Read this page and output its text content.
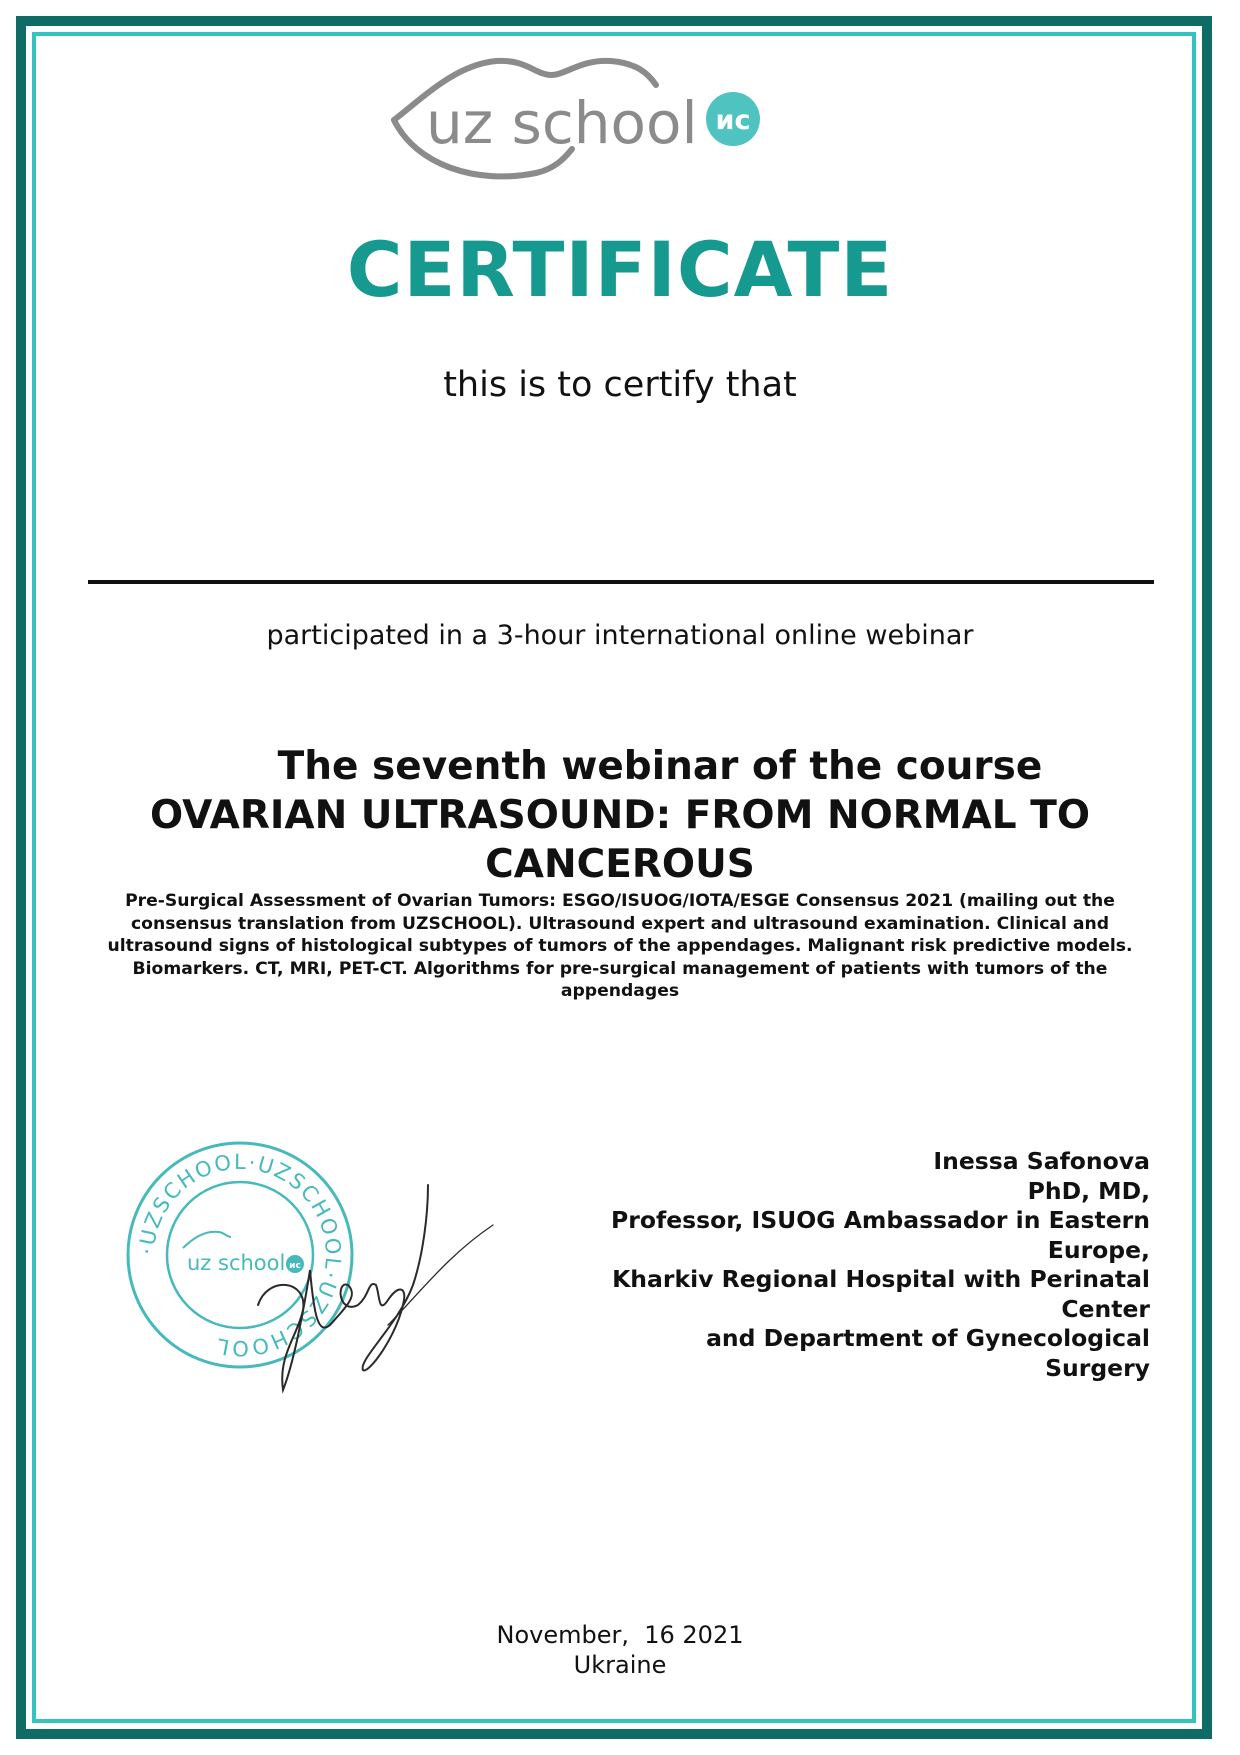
uz school ис
CERTIFICATE
this is to certify that
participated in a 3-hour international online webinar
The seventh webinar of the course
OVARIAN ULTRASOUND: FROM NORMAL TO CANCEROUS
Pre-Surgical Assessment of Ovarian Tumors: ESGO/ISUOG/IOTA/ESGE Consensus 2021 (mailing out the consensus translation from UZSCHOOL). Ultrasound expert and ultrasound examination. Clinical and ultrasound signs of histological subtypes of tumors of the appendages. Malignant risk predictive models. Biomarkers. CT, MRI, PET-CT. Algorithms for pre-surgical management of patients with tumors of the appendages
·UZSCHOOL·UZSCHOOL·UZSCHOOL
uz school ис
Inessa Safonova
PhD, MD,
Professor, ISUOG Ambassador in Eastern
Europe,
Kharkiv Regional Hospital with Perinatal
Center
and Department of Gynecological Surgery
November,  16 2021
Ukraine
